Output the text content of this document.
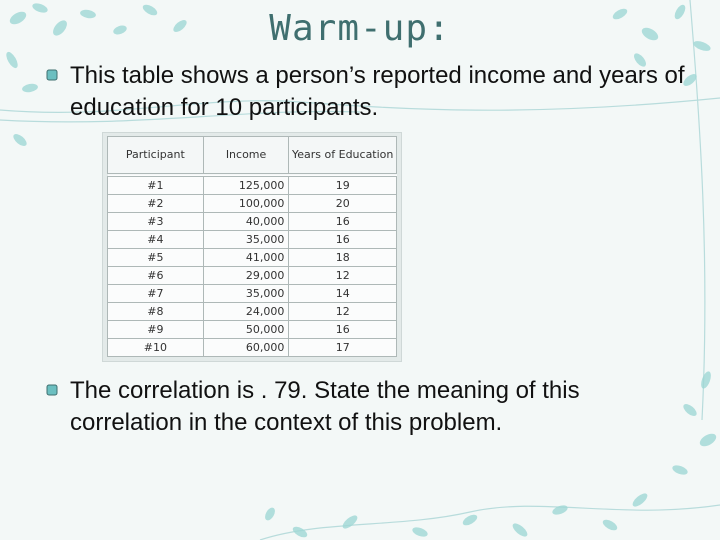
Warm-up:
This table shows a person’s reported income and years of education for 10 participants.
Participant	Income	Years of Education
#1	125,000	19
#2	100,000	20
#3	40,000	16
#4	35,000	16
#5	41,000	18
#6	29,000	12
#7	35,000	14
#8	24,000	12
#9	50,000	16
#10	60,000	17
The correlation is . 79. State the meaning of this correlation in the context of this problem.
